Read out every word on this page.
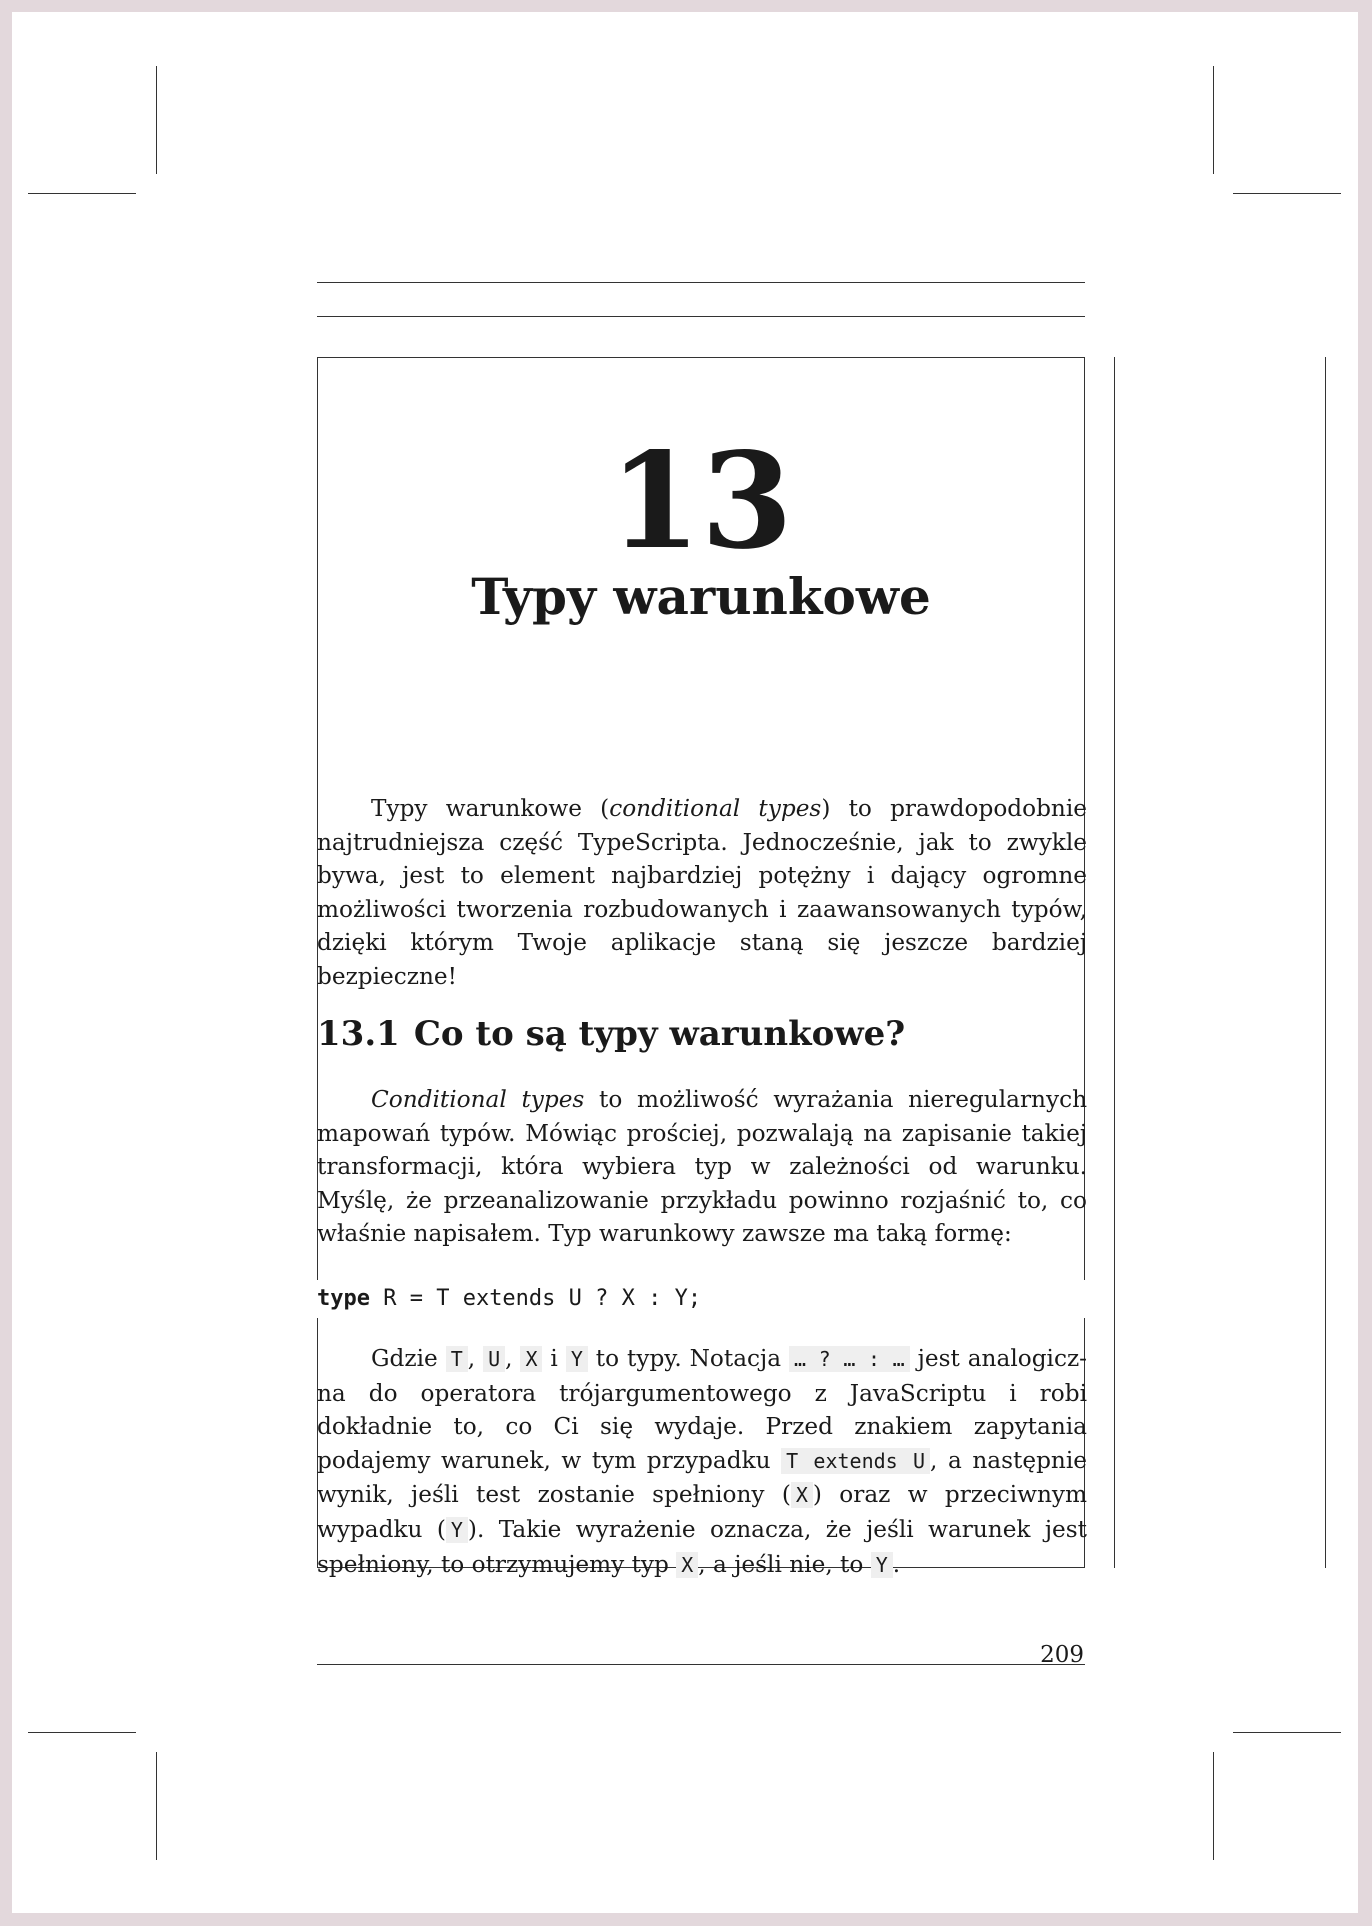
13
Typy warunkowe

Typy warunkowe (conditional types) to prawdopodobnie najtrudniejsza część TypeScripta. Jednocześnie, jak to zwykle bywa, jest to element najbardziej potężny i dający ogromne możliwości tworzenia rozbudowanych i zaawansowanych typów, dzięki którym Twoje aplikacje staną się jeszcze bardziej bezpieczne!

13.1 Co to są typy warunkowe?

Conditional types to możliwość wyrażania nieregularnych mapowań typów. Mówiąc prościej, pozwalają na zapisanie takiej transformacji, która wybiera typ w zależności od warunku. Myślę, że przeanalizowanie przykładu powinno rozjaśnić to, co właśnie napisałem. Typ warunkowy zawsze ma taką formę:

type R = T extends U ? X : Y;

Gdzie T , U , X i Y to typy. Notacja … ? … : … jest analogiczna do operatora trójargumentowego z JavaScriptu i robi dokładnie to, co Ci się wydaje. Przed znakiem zapytania podajemy warunek, w tym przypadku T extends U , a następnie wynik, jeśli test zostanie spełniony ( X ) oraz w przeciwnym wypadku ( Y ). Takie wyrażenie oznacza, że jeśli warunek jest spełniony, to otrzymujemy typ X , a jeśli nie, to Y .

209
